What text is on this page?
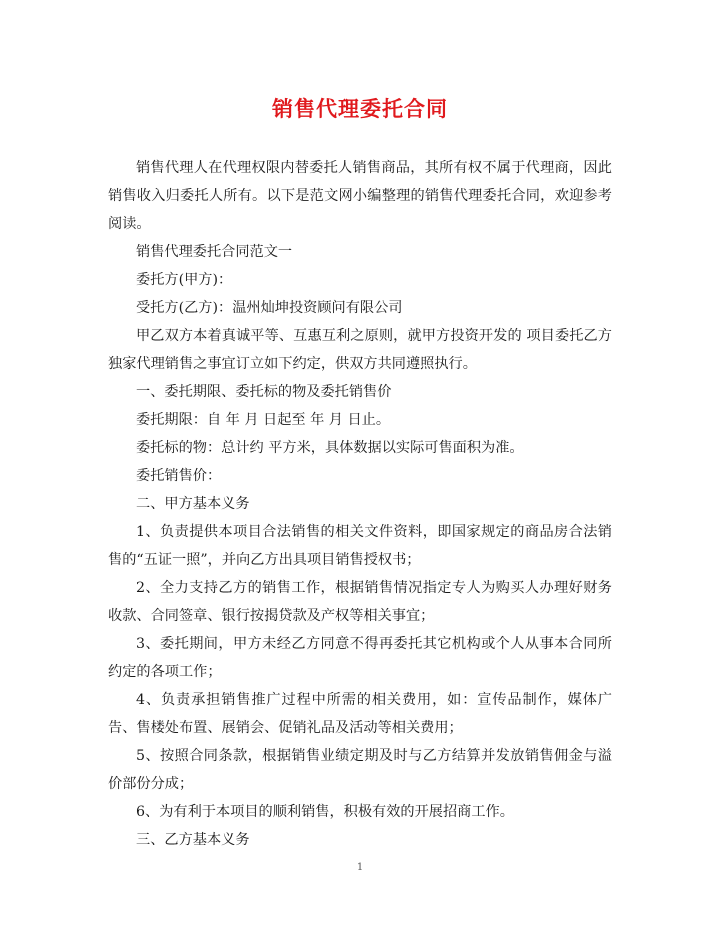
销售代理委托合同

销售代理人在代理权限内替委托人销售商品，其所有权不属于代理商，因此销售收入归委托人所有。以下是范文网小编整理的销售代理委托合同，欢迎参考阅读。

销售代理委托合同范文一

委托方(甲方)：

受托方(乙方)：温州灿坤投资顾问有限公司

甲乙双方本着真诚平等、互惠互利之原则，就甲方投资开发的 项目委托乙方独家代理销售之事宜订立如下约定，供双方共同遵照执行。

一、委托期限、委托标的物及委托销售价

委托期限：自 年 月 日起至 年 月 日止。

委托标的物：总计约 平方米，具体数据以实际可售面积为准。

委托销售价：

二、甲方基本义务

1、负责提供本项目合法销售的相关文件资料，即国家规定的商品房合法销售的“五证一照”，并向乙方出具项目销售授权书；

2、全力支持乙方的销售工作，根据销售情况指定专人为购买人办理好财务收款、合同签章、银行按揭贷款及产权等相关事宜；

3、委托期间，甲方未经乙方同意不得再委托其它机构或个人从事本合同所约定的各项工作；

4、负责承担销售推广过程中所需的相关费用，如：宣传品制作，媒体广告、售楼处布置、展销会、促销礼品及活动等相关费用；

5、按照合同条款，根据销售业绩定期及时与乙方结算并发放销售佣金与溢价部份分成；

6、为有利于本项目的顺利销售，积极有效的开展招商工作。

三、乙方基本义务

1
